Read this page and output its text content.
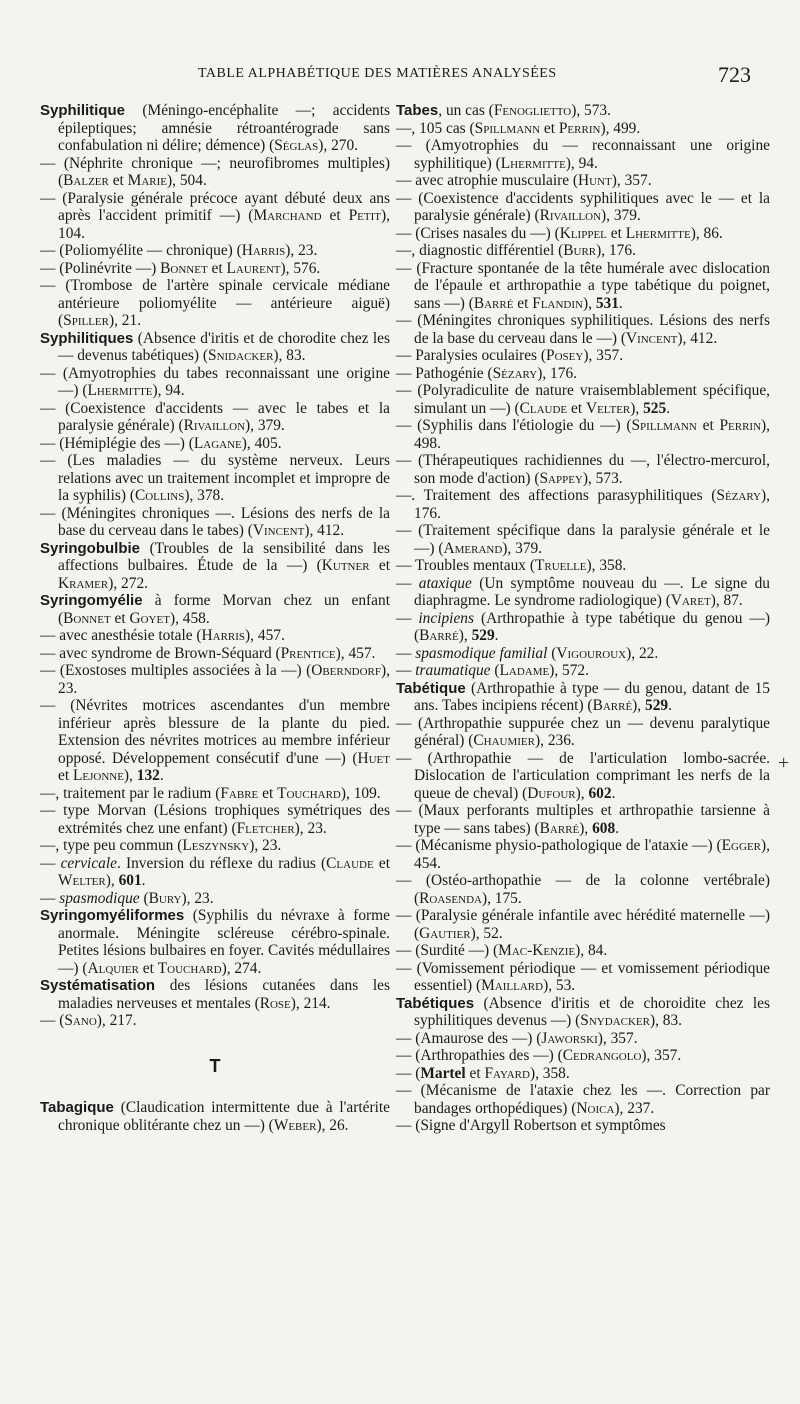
TABLE ALPHABÉTIQUE DES MATIÈRES ANALYSÉES	723

Syphilitique (Méningo-encéphalite —; accidents épileptiques; amnésie rétroantérograde sans confabulation ni délire; démence) (Séglas), 270.

— (Néphrite chronique —; neurofibromes multiples) (Balzer et Marie), 504.

— (Paralysie générale précoce ayant débuté deux ans après l'accident primitif —) (Marchand et Petit), 104.

— (Poliomyélite — chronique) (Harris), 23.

— (Polinévrite —) Bonnet et Laurent), 576.

— (Trombose de l'artère spinale cervicale médiane antérieure poliomyélite — antérieure aiguë) (Spiller), 21.

Syphilitiques (Absence d'iritis et de chorodite chez les — devenus tabétiques) (Snidacker), 83.

— (Amyotrophies du tabes reconnaissant une origine —) (Lhermitte), 94.

— (Coexistence d'accidents — avec le tabes et la paralysie générale) (Rivaillon), 379.

— (Hémiplégie des —) (Lagane), 405.

— (Les maladies — du système nerveux. Leurs relations avec un traitement incomplet et impropre de la syphilis) (Collins), 378.

— (Méningites chroniques —. Lésions des nerfs de la base du cerveau dans le tabes) (Vincent), 412.

Syringobulbie (Troubles de la sensibilité dans les affections bulbaires. Étude de la —) (Kutner et Kramer), 272.

Syringomyélie à forme Morvan chez un enfant (Bonnet et Goyet), 458.

— avec anesthésie totale (Harris), 457.

— avec syndrome de Brown-Séquard (Prentice), 457.

— (Exostoses multiples associées à la —) (Obernd​orf), 23.

— (Névrites motrices ascendantes d'un membre inférieur après blessure de la plante du pied. Extension des névrites motrices au membre inférieur opposé. Développement consécutif d'une —) (Huet et Lejonne), 132.

—, traitement par le radium (Fabre et Touchard), 109.

— type Morvan (Lésions trophiques symétriques des extrémités chez une enfant) (Fletcher), 23.

—, type peu commun (Leszynsky), 23.

— cervicale. Inversion du réflexe du radius (Claude et Welter), 601.

— spasmodique (Bury), 23.

Syringomyéliformes (Syphilis du névraxe à forme anormale. Méningite scléreuse cérébro-spinale. Petites lésions bulbaires en foyer. Cavités médullaires —) (Alquier et Touchard), 274.

Systématisation des lésions cutanées dans les maladies nerveuses et mentales (Rose), 214.

— (Sano), 217.

T

Tabagique (Claudication intermittente due à l'artérite chronique oblitérante chez un —) (Weber), 26.

Tabes, un cas (Fenoglietto), 573.

—, 105 cas (Spillmann et Perrin), 499.

— (Amyotrophies du — reconnaissant une origine syphilitique) (Lhermitte), 94.

— avec atrophie musculaire (Hunt), 357.

— (Coexistence d'accidents syphilitiques avec le — et la paralysie générale) (Rivaillon), 379.

— (Crises nasales du —) (Klippel et Lhermitte), 86.

—, diagnostic différentiel (Burr), 176.

— (Fracture spontanée de la tête humérale avec dislocation de l'épaule et arthropathie a type tabétique du poignet, sans —) (Barré et Flandin), 531.

— (Méningites chroniques syphilitiques. Lésions des nerfs de la base du cerveau dans le —) (Vincent), 412.

— Paralysies oculaires (Posey), 357.

— Pathogénie (Sézary), 176.

— (Polyradiculite de nature vraisemblablement spécifique, simulant un —) (Claude et Velter), 525.

— (Syphilis dans l'étiologie du —) (Spillmann et Perrin), 498.

— (Thérapeutiques rachidiennes du —, l'électro-mercurol, son mode d'action) (Sappey), 573.

—. Traitement des affections parasyphilitiques (Sézary), 176.

— (Traitement spécifique dans la paralysie générale et le —) (Amerand), 379.

— Troubles mentaux (Truelle), 358.

— ataxique (Un symptôme nouveau du —. Le signe du diaphragme. Le syndrome radiologique) (Varet), 87.

— incipiens (Arthropathie à type tabétique du genou —) (Barré), 529.

— spasmodique familial (Vigouroux), 22.

— traumatique (Ladame), 572.

Tabétique (Arthropathie à type — du genou, datant de 15 ans. Tabes incipiens récent) (Barré), 529.

— (Arthropathie suppurée chez un — devenu paralytique général) (Chaumier), 236.

— (Arthropathie — de l'articulation lombo-sacrée. Dislocation de l'articulation comprimant les nerfs de la queue de cheval) (Dufour), 602.

— (Maux perforants multiples et arthropathie tarsienne à type — sans tabes) (Barré), 608.

— (Mécanisme physio-pathologique de l'ataxie —) (Egger), 454.

— (Ostéo-arthopathie — de la colonne vertébrale) (Roasenda), 175.

— (Paralysie générale infantile avec hérédité maternelle —) (Gautier), 52.

— (Surdité —) (Mac-Kenzie), 84.

— (Vomissement périodique — et vomissement périodique essentiel) (Maillard), 53.

Tabétiques (Absence d'iritis et de choroidite chez les syphilitiques devenus —) (Snydacker), 83.

— (Amaurose des —) (Jaworski), 357.

— (Arthropathies des —) (Cedrangolo), 357.

— (Martel et Fayard), 358.

— (Mécanisme de l'ataxie chez les —. Correction par bandages orthopédiques) (Noica), 237.

— (Signe d'Argyll Robertson et symptômes

+
